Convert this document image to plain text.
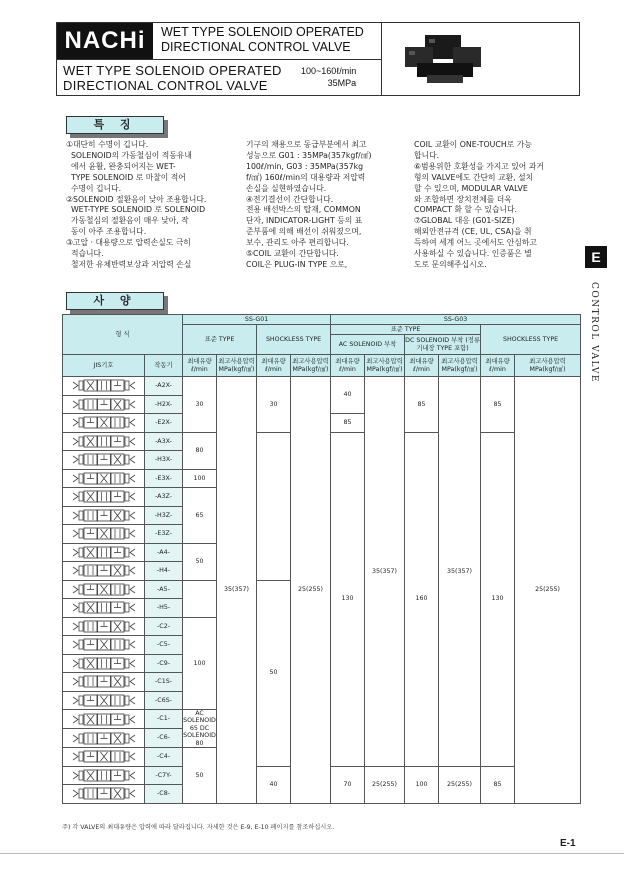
NACHi	WET TYPE SOLENOID OPERATED
DIRECTIONAL CONTROL VALVE
WET TYPE SOLENOID OPERATED
DIRECTIONAL CONTROL VALVE
100~160ℓ/min
35MPa
특 징
①대단히 수명이 깁니다.
SOLENOID의 가동철심이 적동유내
에서 윤활, 완충되어지는 WET-
TYPE SOLENOID 로 마찰이 적어
수명이 깁니다.
②SOLENOID 절환음이 낮아 조용합니다.
WET-TYPE SOLENOID 로 SOLENOID
가동철심의 절환음이 매우 낮아, 작
동이 아주 조용합니다.
③고압 · 대용량으로 압력손실도 극히
적습니다.
철저한 유체반력보상과 저압력 손실
기구의 채용으로 동급부분에서 최고
성능으로 G01 : 35MPa(357kgf/㎠)
100ℓ/min, G03 : 35MPa(357kg
f/㎠) 160ℓ/min의 대용량과 저압력
손실을 실현하였습니다.
④전기결선이 간단합니다.
전용 배선박스의 탑재, COMMON
단자, INDICATOR-LIGHT 등의 표
준부품에 의해 배선이 쉬워졌으며,
보수, 관리도 아주 편리합니다.
⑤COIL 교환이 간단합니다.
COIL은 PLUG-IN TYPE 으로,
COIL 교환이 ONE-TOUCH로 가능
합니다.
⑥범용위한 호환성을 가지고 있어 과거
형의 VALVE에도 간단히 교환, 설치
할 수 있으며, MODULAR VALVE
와 조합하면 장치전체를 더욱
COMPACT 화 할 수 있습니다.
⑦GLOBAL 대응 (G01-SIZE)
해외안전규격 (CE, UL, CSA)을 취
득하여 세계 어느 곳에서도 안심하고
사용하실 수 있습니다. 인증품은 별
도로 문의해주십시오.
사 양
E
CONTROL VALVE
형 식		SS-G01				SS-G03					
		표준 TYPE		SHOCKLESS TYPE		표준 TYPE				SHOCKLESS TYPE	
						AC SOLENOID 부착		DC SOLENOID 부착 (정류기내장 TYPE 포함)			
JIS기호	작동기	최대유량 ℓ/min	최고사용압력 MPa(kgf/㎠)	최대유량 ℓ/min	최고사용압력 MPa(kgf/㎠)	최대유량 ℓ/min	최고사용압력 MPa(kgf/㎠)	최대유량 ℓ/min	최고사용압력 MPa(kgf/㎠)	최대유량 ℓ/min	최고사용압력 MPa(kgf/㎠)

	-A2X-	30	35(357)	30	25(255)	40	35(357)	85	35(357)	85	25(255)

	-H2X-										

	-E2X-					85					

	-A3X-	80				130		160		130	

	-H3X-										

	-E3X-	100									

	-A3Z-	65									

	-H3Z-										

	-E3Z-										

	-A4-	50									

	-H4-										

	-A5-			50							

	-H5-										

	-C2-	100									

	-C5-										

	-C9-										

	-C1S-										

	-C6S-										

	-C1-	AC SOLENOID 65 DC SOLENOID 80									

	-C6-										

	-C4-	50									

	-C7Y-			40		70	25(255)	100	25(255)	85	

	-C8-										
주) 각 VALVE의 최대유량은 압력에 따라 달라집니다. 자세한 것은 E-9, E-10 페이지를 참조하십시오.
E-1
